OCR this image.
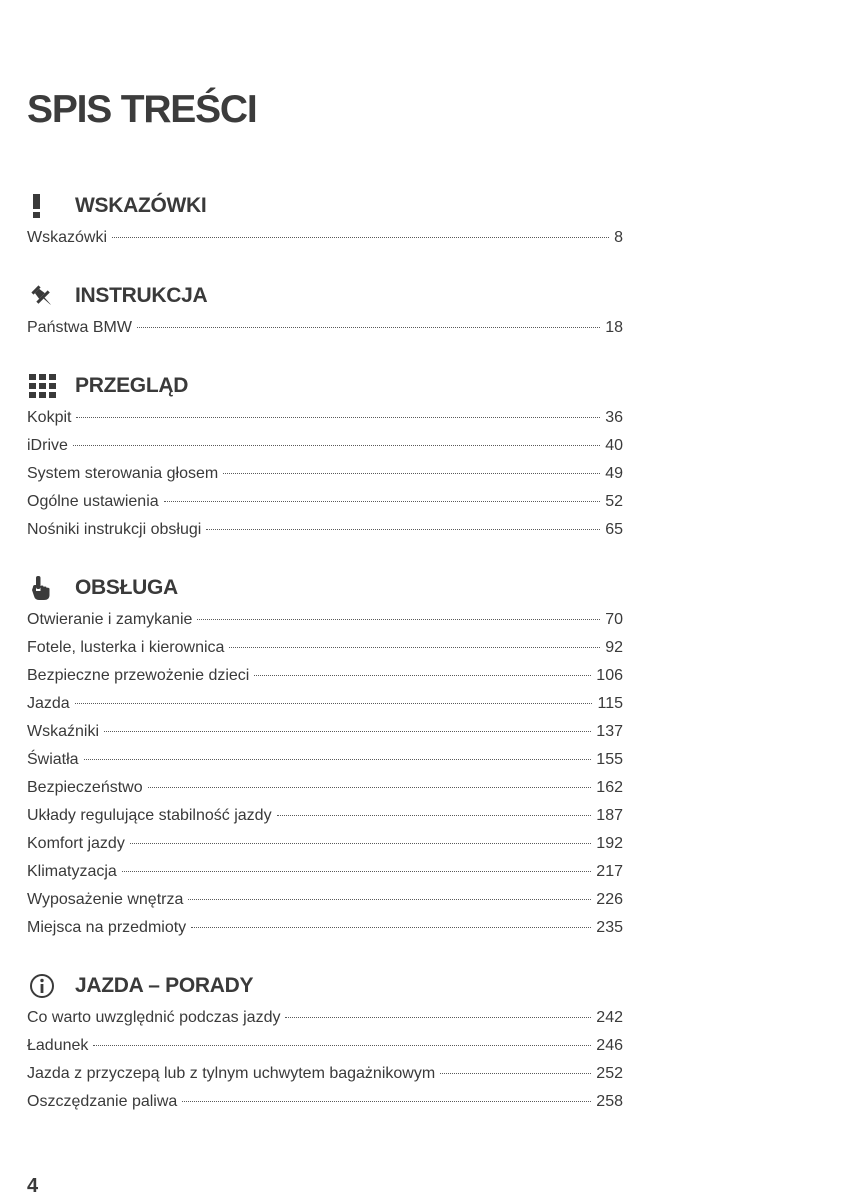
SPIS TREŚCI
WSKAZÓWKI
Wskazówki	8
INSTRUKCJA
Państwa BMW	18
PRZEGLĄD
Kokpit	36
iDrive	40
System sterowania głosem	49
Ogólne ustawienia	52
Nośniki instrukcji obsługi	65
OBSŁUGA
Otwieranie i zamykanie	70
Fotele, lusterka i kierownica	92
Bezpieczne przewożenie dzieci	106
Jazda	115
Wskaźniki	137
Światła	155
Bezpieczeństwo	162
Układy regulujące stabilność jazdy	187
Komfort jazdy	192
Klimatyzacja	217
Wyposażenie wnętrza	226
Miejsca na przedmioty	235
JAZDA – PORADY
Co warto uwzględnić podczas jazdy	242
Ładunek	246
Jazda z przyczepą lub z tylnym uchwytem bagażnikowym	252
Oszczędzanie paliwa	258
4
